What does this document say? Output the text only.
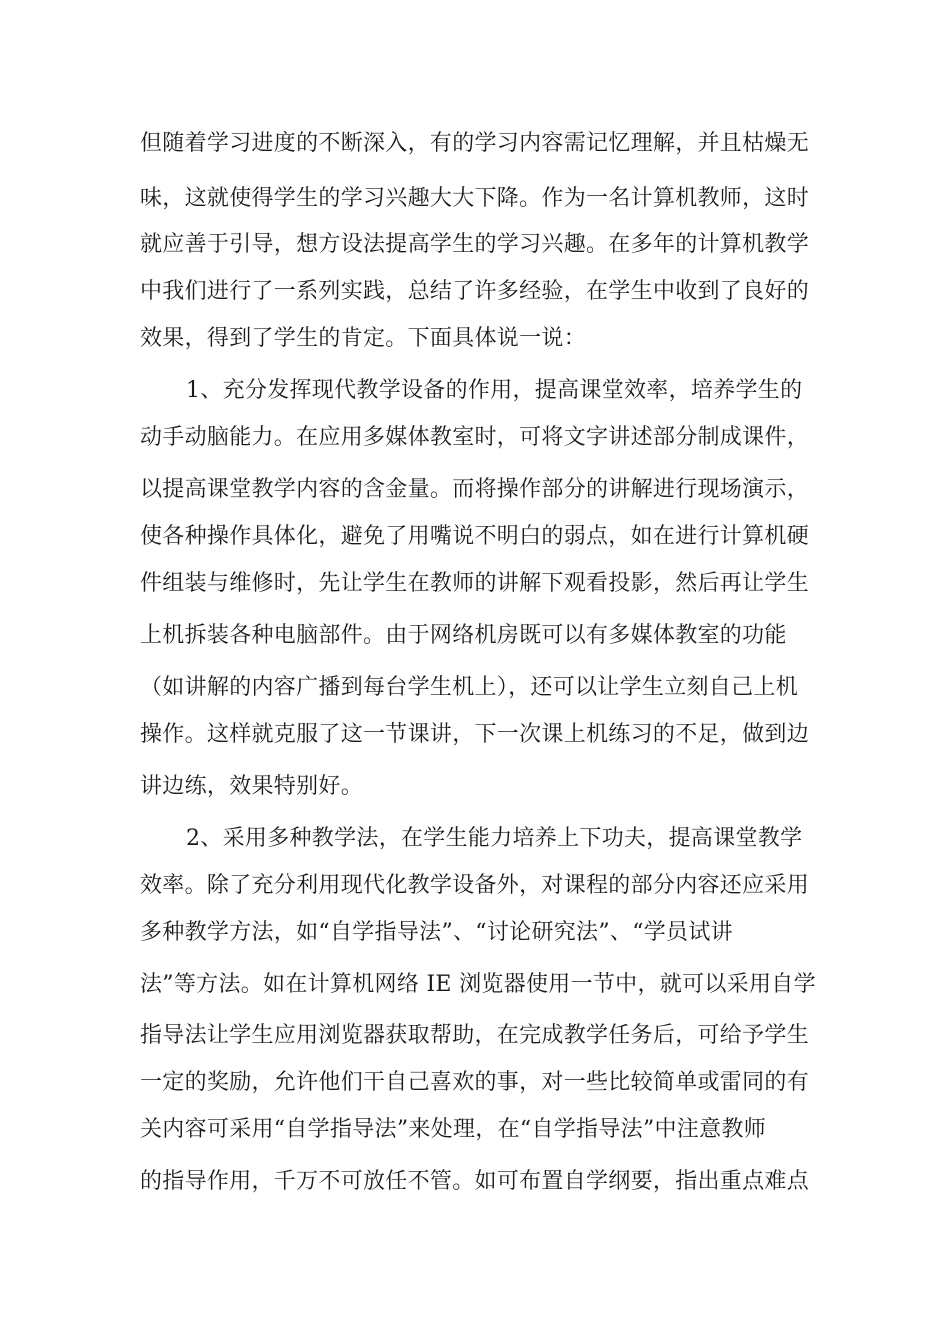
但随着学习进度的不断深入，有的学习内容需记忆理解，并且枯燥无
味，这就使得学生的学习兴趣大大下降。作为一名计算机教师，这时
就应善于引导，想方设法提高学生的学习兴趣。在多年的计算机教学
中我们进行了一系列实践，总结了许多经验，在学生中收到了良好的
效果，得到了学生的肯定。下面具体说一说：
1、充分发挥现代教学设备的作用，提高课堂效率，培养学生的
动手动脑能力。在应用多媒体教室时，可将文字讲述部分制成课件，
以提高课堂教学内容的含金量。而将操作部分的讲解进行现场演示，
使各种操作具体化，避免了用嘴说不明白的弱点，如在进行计算机硬
件组装与维修时，先让学生在教师的讲解下观看投影，然后再让学生
上机拆装各种电脑部件。由于网络机房既可以有多媒体教室的功能
（如讲解的内容广播到每台学生机上），还可以让学生立刻自己上机
操作。这样就克服了这一节课讲，下一次课上机练习的不足，做到边
讲边练，效果特别好。
2、采用多种教学法，在学生能力培养上下功夫，提高课堂教学
效率。除了充分利用现代化教学设备外，对课程的部分内容还应采用
多种教学方法，如“自学指导法”、“讨论研究法”、“学员试讲
法”等方法。如在计算机网络 IE 浏览器使用一节中，就可以采用自学
指导法让学生应用浏览器获取帮助，在完成教学任务后，可给予学生
一定的奖励，允许他们干自己喜欢的事，对一些比较简单或雷同的有
关内容可采用“自学指导法”来处理，在“自学指导法”中注意教师
的指导作用，千万不可放任不管。如可布置自学纲要，指出重点难点
